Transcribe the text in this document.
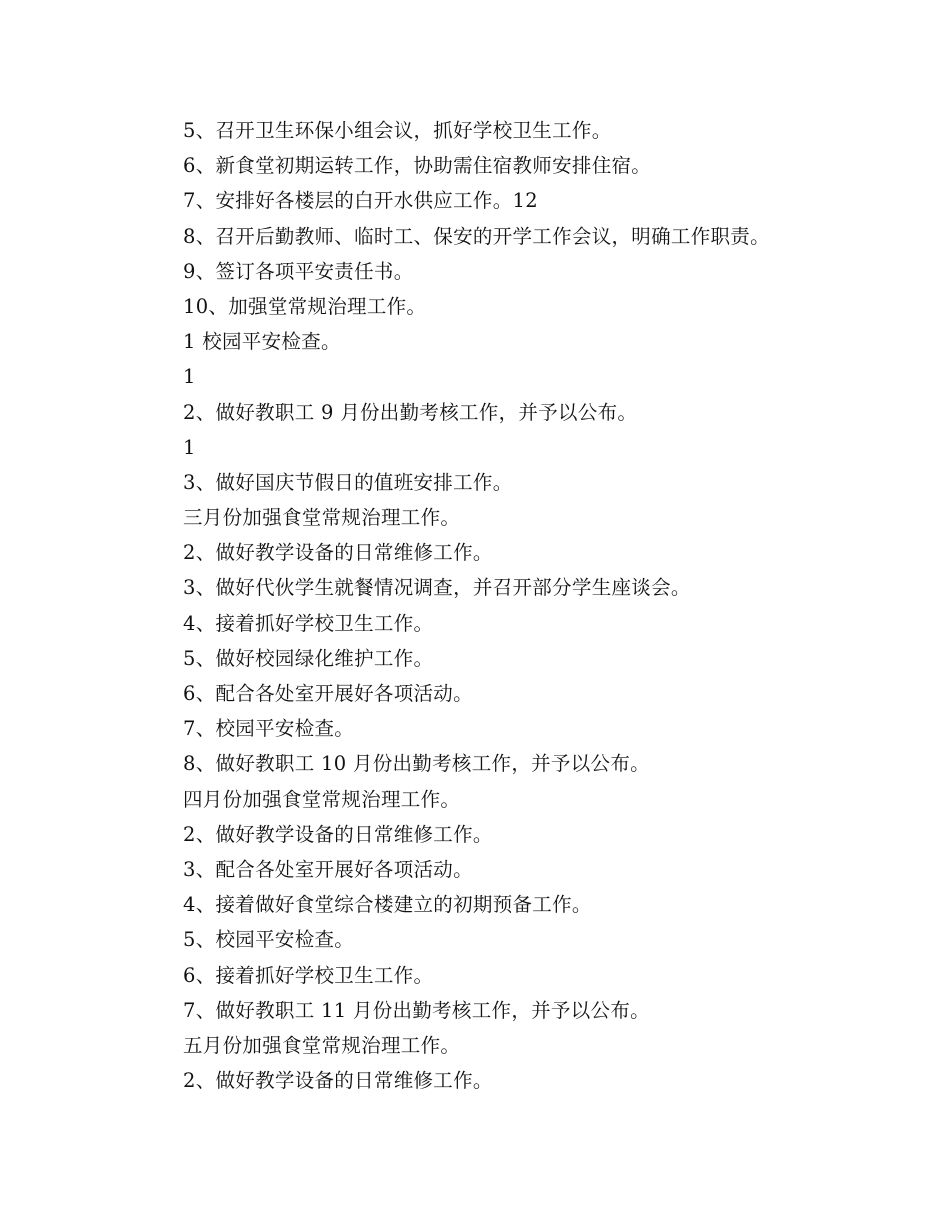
5、召开卫生环保小组会议，抓好学校卫生工作。
6、新食堂初期运转工作，协助需住宿教师安排住宿。
7、安排好各楼层的白开水供应工作。12
8、召开后勤教师、临时工、保安的开学工作会议，明确工作职责。
9、签订各项平安责任书。
10、加强堂常规治理工作。
1 校园平安检查。
1
2、做好教职工 9 月份出勤考核工作，并予以公布。
1
3、做好国庆节假日的值班安排工作。
三月份加强食堂常规治理工作。
2、做好教学设备的日常维修工作。
3、做好代伙学生就餐情况调查，并召开部分学生座谈会。
4、接着抓好学校卫生工作。
5、做好校园绿化维护工作。
6、配合各处室开展好各项活动。
7、校园平安检查。
8、做好教职工 10 月份出勤考核工作，并予以公布。
四月份加强食堂常规治理工作。
2、做好教学设备的日常维修工作。
3、配合各处室开展好各项活动。
4、接着做好食堂综合楼建立的初期预备工作。
5、校园平安检查。
6、接着抓好学校卫生工作。
7、做好教职工 11 月份出勤考核工作，并予以公布。
五月份加强食堂常规治理工作。
2、做好教学设备的日常维修工作。
